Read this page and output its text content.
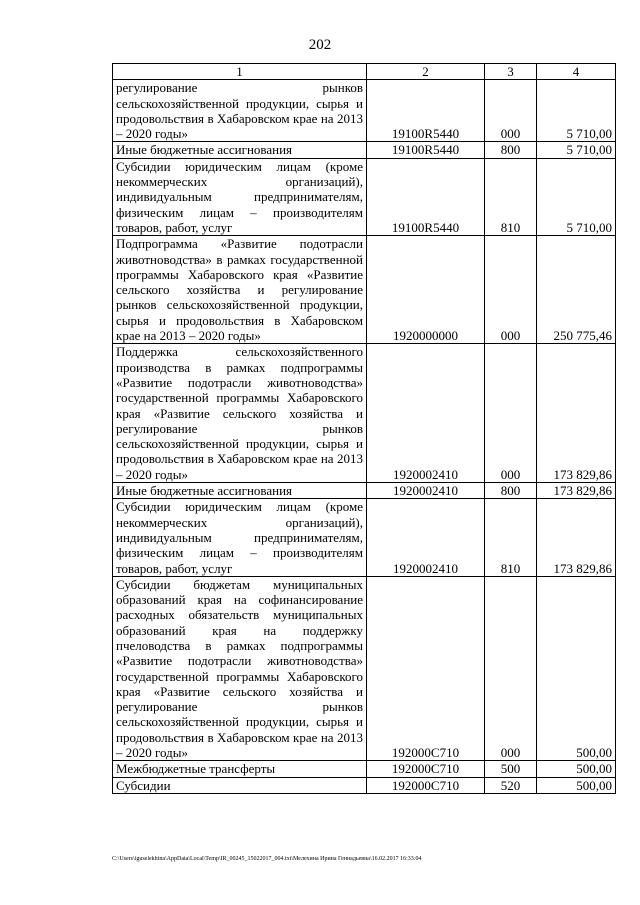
202
1	2	3	4
регулирование рынков сельскохозяйственной продукции, сырья и продовольствия в Хабаровском крае на 2013 – 2020 годы»	19100R5440	000	5 710,00
Иные бюджетные ассигнования	19100R5440	800	5 710,00
Субсидии юридическим лицам (кроме некоммерческих организаций), индивидуальным предпринимателям, физическим лицам – производителям товаров, работ, услуг	19100R5440	810	5 710,00
Подпрограмма «Развитие подотрасли животноводства» в рамках государственной программы Хабаровского края «Развитие сельского хозяйства и регулирование рынков сельскохозяйственной продукции, сырья и продовольствия в Хабаровском крае на 2013 – 2020 годы»	1920000000	000	250 775,46
Поддержка сельскохозяйственного производства в рамках подпрограммы «Развитие подотрасли животноводства» государственной программы Хабаровского края «Развитие сельского хозяйства и регулирование рынков сельскохозяйственной продукции, сырья и продовольствия в Хабаровском крае на 2013 – 2020 годы»	1920002410	000	173 829,86
Иные бюджетные ассигнования	1920002410	800	173 829,86
Субсидии юридическим лицам (кроме некоммерческих организаций), индивидуальным предпринимателям, физическим лицам – производителям товаров, работ, услуг	1920002410	810	173 829,86
Субсидии бюджетам муниципальных образований края на софинансирование расходных обязательств муниципальных образований края на поддержку пчеловодства в рамках подпрограммы «Развитие подотрасли животноводства» государственной программы Хабаровского края «Развитие сельского хозяйства и регулирование рынков сельскохозяйственной продукции, сырья и продовольствия в Хабаровском крае на 2013 – 2020 годы»	192000С710	000	500,00
Межбюджетные трансферты	192000С710	500	500,00
Субсидии	192000С710	520	500,00
C:\Users\iguselekhina\AppData\Local\Temp\IR_00245_15022017_004.txt\Мелехина Ирина Геннадьевна\16.02.2017 16:33:04
